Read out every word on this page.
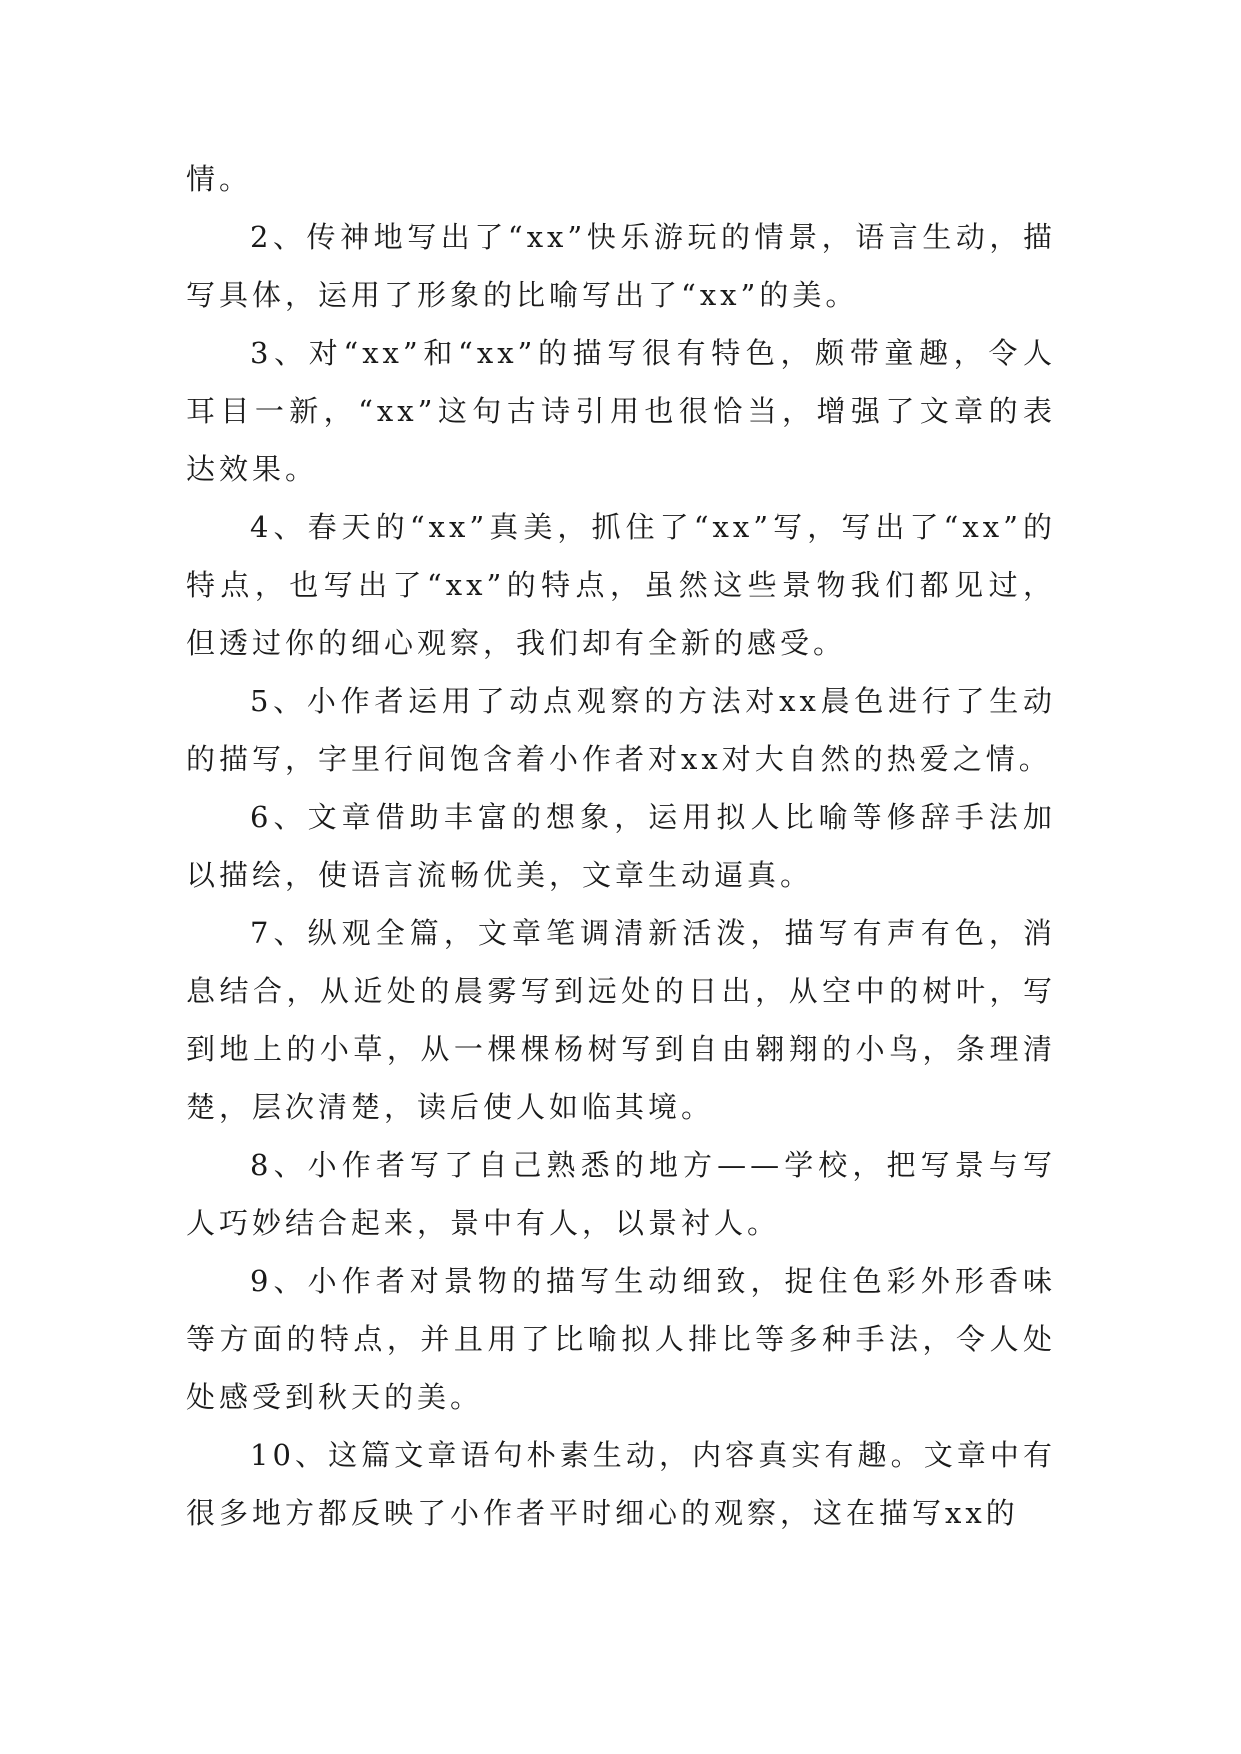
情。

2、传神地写出了“xx”快乐游玩的情景，语言生动，描写具体，运用了形象的比喻写出了“xx”的美。

3、对“xx”和“xx”的描写很有特色，颇带童趣，令人耳目一新，“xx”这句古诗引用也很恰当，增强了文章的表达效果。

4、春天的“xx”真美，抓住了“xx”写，写出了“xx”的特点，也写出了“xx”的特点，虽然这些景物我们都见过，但透过你的细心观察，我们却有全新的感受。

5、小作者运用了动点观察的方法对xx晨色进行了生动的描写，字里行间饱含着小作者对xx对大自然的热爱之情。

6、文章借助丰富的想象，运用拟人比喻等修辞手法加以描绘，使语言流畅优美，文章生动逼真。

7、纵观全篇，文章笔调清新活泼，描写有声有色，消息结合，从近处的晨雾写到远处的日出，从空中的树叶，写到地上的小草，从一棵棵杨树写到自由翱翔的小鸟，条理清楚，层次清楚，读后使人如临其境。

8、小作者写了自己熟悉的地方——学校，把写景与写人巧妙结合起来，景中有人，以景衬人。

9、小作者对景物的描写生动细致，捉住色彩外形香味等方面的特点，并且用了比喻拟人排比等多种手法，令人处处感受到秋天的美。

10、这篇文章语句朴素生动，内容真实有趣。文章中有很多地方都反映了小作者平时细心的观察，这在描写xx的
